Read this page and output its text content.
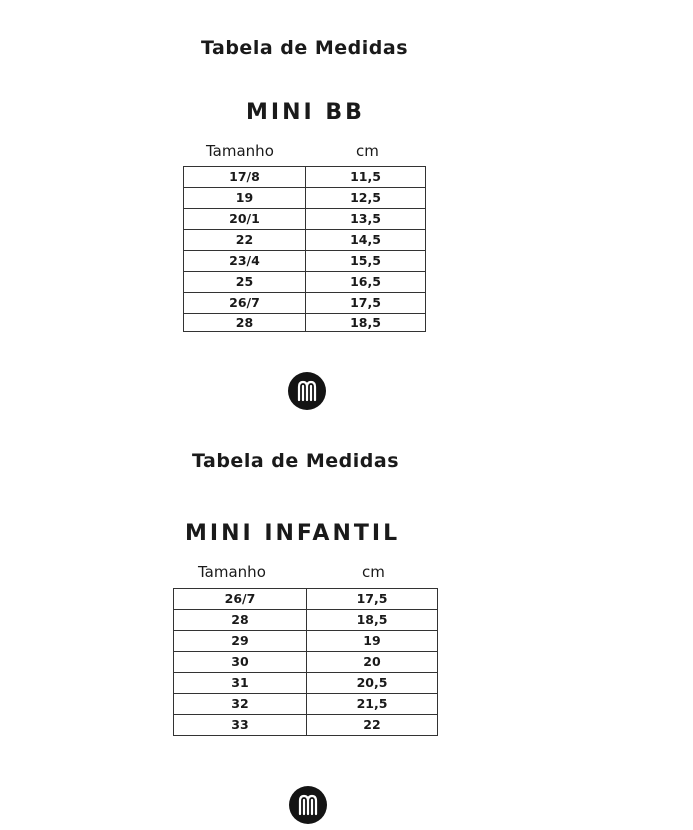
Tabela de Medidas
MINI BB
Tamanho	cm
17/8	11,5
19	12,5
20/1	13,5
22	14,5
23/4	15,5
25	16,5
26/7	17,5
28	18,5
Tabela de Medidas
MINI INFANTIL
Tamanho	cm
26/7	17,5
28	18,5
29	19
30	20
31	20,5
32	21,5
33	22
